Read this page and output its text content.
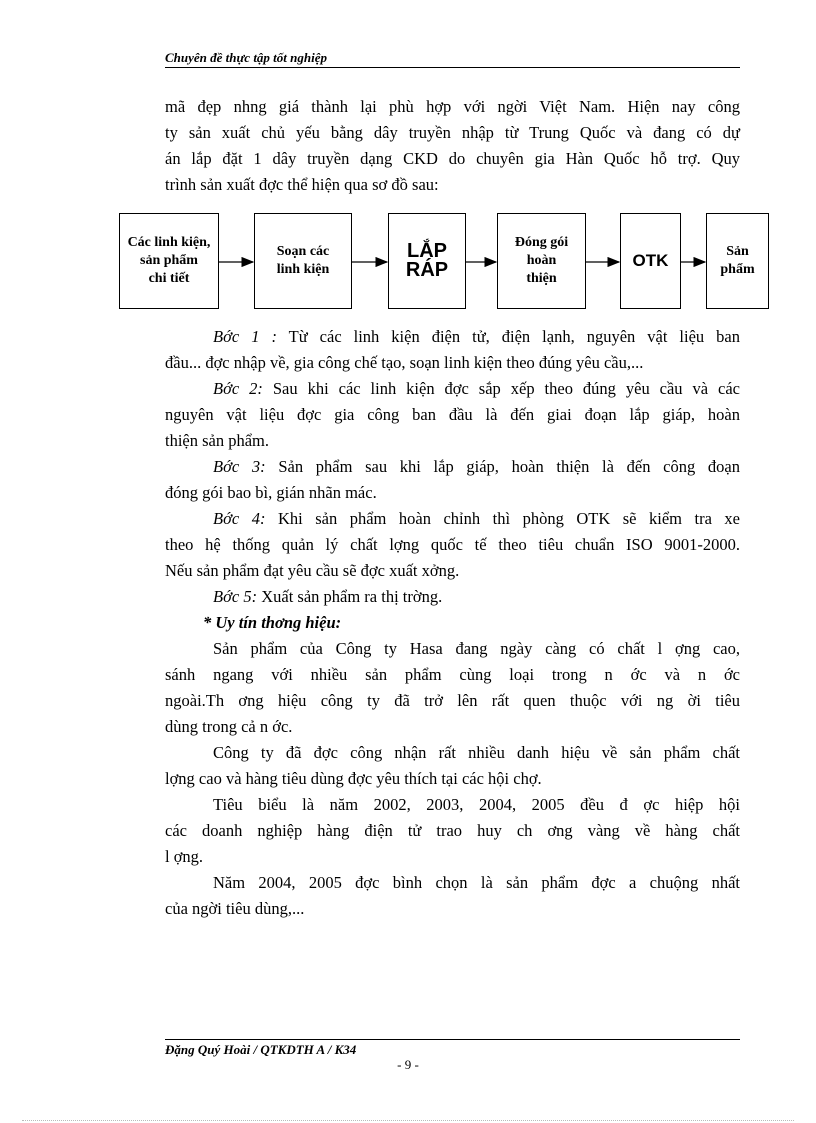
Chuyên đề thực tập tốt nghiệp
mã đẹp nhng giá thành lại phù hợp với ngời Việt Nam. Hiện nay công
ty sản xuất chủ yếu bằng dây truyền nhập từ Trung Quốc và đang có dự
án lắp đặt 1 dây truyền dạng CKD do chuyên gia Hàn Quốc hỗ trợ. Quy
trình sản xuất đợc thể hiện qua sơ đồ sau:
Các linh kiện,
sản phẩm
chi tiết
Soạn các
linh kiện
LẮP
RÁP
Đóng gói
hoàn
thiện
OTK	Sản
phẩm
Bớc 1 : Từ các linh kiện điện tử, điện lạnh, nguyên vật liệu ban
đầu... đợc nhập về, gia công chế tạo, soạn linh kiện theo đúng yêu cầu,...
Bớc 2: Sau khi các linh kiện đợc sắp xếp theo đúng yêu cầu và các
nguyên vật liệu đợc gia công ban đầu là đến giai đoạn lắp giáp, hoàn
thiện sản phẩm.
Bớc 3: Sản phẩm sau khi lắp giáp, hoàn thiện là đến công đoạn
đóng gói bao bì, gián nhãn mác.
Bớc 4: Khi sản phẩm hoàn chỉnh thì phòng OTK sẽ kiểm tra xe
theo hệ thống quản lý chất lợng quốc tế theo tiêu chuẩn ISO 9001-2000.
Nếu sản phẩm đạt yêu cầu sẽ đợc xuất xởng.
Bớc 5: Xuất sản phẩm ra thị trờng.
* Uy tín thơng hiệu:
Sản phẩm của Công ty Hasa đang ngày càng có chất l ợng cao,
sánh ngang với nhiều sản phẩm cùng loại trong n ớc và n ớc
ngoài.Th ơng hiệu công ty đã trở lên rất quen thuộc với ng ời tiêu
dùng trong cả n ớc.
Công ty đã đợc công nhận rất nhiều danh hiệu về sản phẩm chất
lợng cao và hàng tiêu dùng đợc yêu thích tại các hội chợ.
Tiêu biểu là năm 2002, 2003, 2004, 2005 đều đ ợc hiệp hội
các doanh nghiệp hàng điện tử trao huy ch ơng vàng về hàng chất
l ợng.
Năm 2004, 2005 đợc bình chọn là sản phẩm đợc a chuộng nhất
của ngời tiêu dùng,...
Đặng Quý Hoài / QTKDTH A / K34
- 9 -
